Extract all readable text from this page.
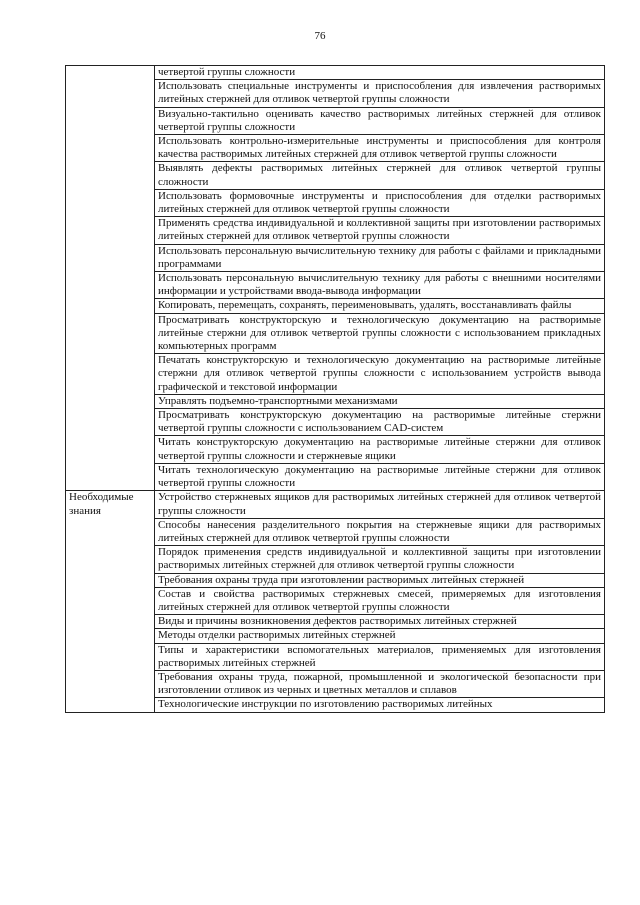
76
	четвертой группы сложности
	Использовать специальные инструменты и приспособления для извлечения растворимых литейных стержней для отливок четвертой группы сложности
	Визуально-тактильно оценивать качество растворимых литейных стержней для отливок четвертой группы сложности
	Использовать контрольно-измерительные инструменты и приспособления для контроля качества растворимых литейных стержней для отливок четвертой группы сложности
	Выявлять дефекты растворимых литейных стержней для отливок четвертой группы сложности
	Использовать формовочные инструменты и приспособления для отделки растворимых литейных стержней для отливок четвертой группы сложности
	Применять средства индивидуальной и коллективной защиты при изготовлении растворимых литейных стержней для отливок четвертой группы сложности
	Использовать персональную вычислительную технику для работы с файлами и прикладными программами
	Использовать персональную вычислительную технику для работы с внешними носителями информации и устройствами ввода-вывода информации
	Копировать, перемещать, сохранять, переименовывать, удалять, восстанавливать файлы
	Просматривать конструкторскую и технологическую документацию на растворимые литейные стержни для отливок четвертой группы сложности с использованием прикладных компьютерных программ
	Печатать конструкторскую и технологическую документацию на растворимые литейные стержни для отливок четвертой группы сложности с использованием устройств вывода графической и текстовой информации
	Управлять подъемно-транспортными механизмами
	Просматривать конструкторскую документацию на растворимые литейные стержни четвертой группы сложности с использованием CAD-систем
	Читать конструкторскую документацию на растворимые литейные стержни для отливок четвертой группы сложности и стержневые ящики
	Читать технологическую документацию на растворимые литейные стержни для отливок четвертой группы сложности
Необходимые знания	Устройство стержневых ящиков для растворимых литейных стержней для отливок четвертой группы сложности
	Способы нанесения разделительного покрытия на стержневые ящики для растворимых литейных стержней для отливок четвертой группы сложности
	Порядок применения средств индивидуальной и коллективной защиты при изготовлении растворимых литейных стержней для отливок четвертой группы сложности
	Требования охраны труда при изготовлении растворимых литейных стержней
	Состав и свойства растворимых стержневых смесей, примеряемых для изготовления литейных стержней для отливок четвертой группы сложности
	Виды и причины возникновения дефектов растворимых литейных стержней
	Методы отделки растворимых литейных стержней
	Типы и характеристики вспомогательных материалов, применяемых для изготовления растворимых литейных стержней
	Требования охраны труда, пожарной, промышленной и экологической безопасности при изготовлении отливок из черных и цветных металлов и сплавов
	Технологические инструкции по изготовлению растворимых литейных
